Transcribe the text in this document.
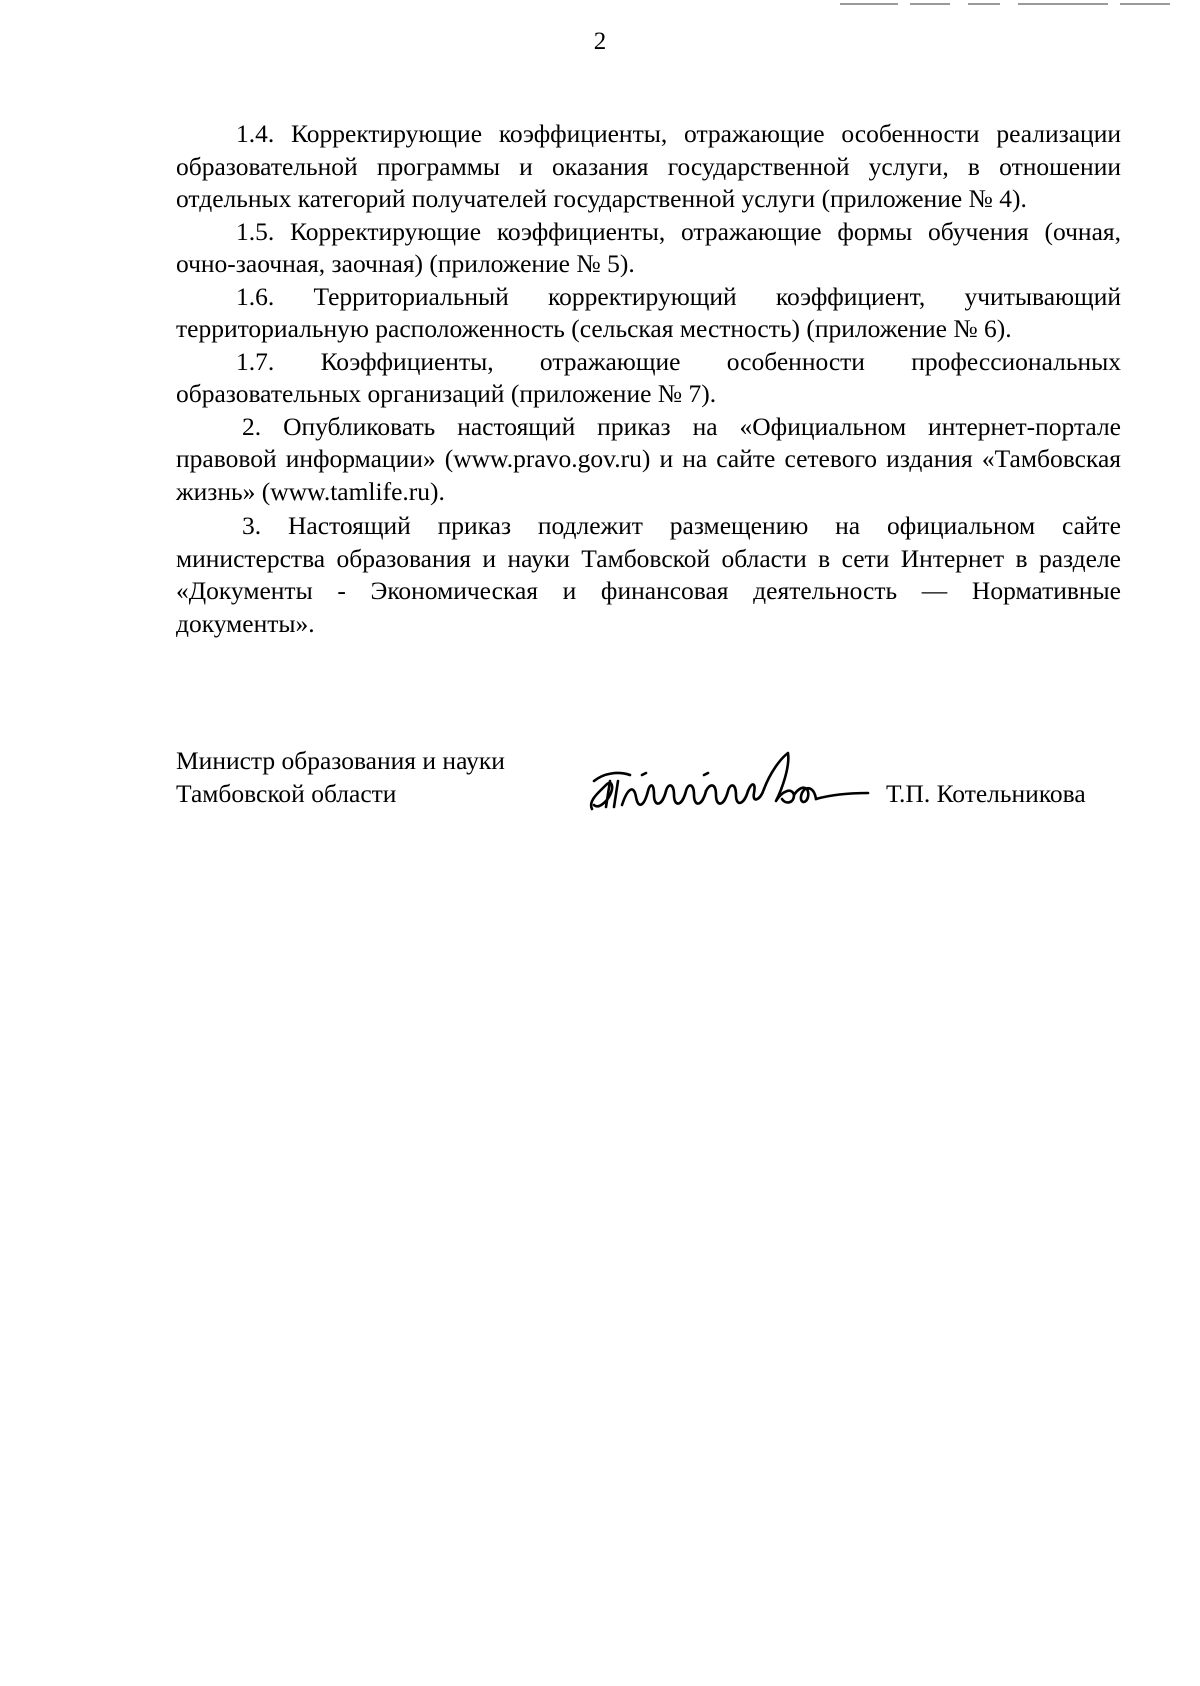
2

1.4. Корректирующие коэффициенты, отражающие особенности реализации образовательной программы и оказания государственной услуги, в отношении отдельных категорий получателей государственной услуги (приложение № 4).

1.5. Корректирующие коэффициенты, отражающие формы обучения (очная, очно-заочная, заочная) (приложение № 5).

1.6. Территориальный корректирующий коэффициент, учитывающий территориальную расположенность (сельская местность) (приложение № 6).

1.7. Коэффициенты, отражающие особенности профессиональных образовательных организаций (приложение № 7).

2. Опубликовать настоящий приказ на «Официальном интернет-портале правовой информации» (www.pravo.gov.ru) и на сайте сетевого издания «Тамбовская жизнь» (www.tamlife.ru).

3. Настоящий приказ подлежит размещению на официальном сайте министерства образования и науки Тамбовской области в сети Интернет в разделе «Документы - Экономическая и финансовая деятельность — Нормативные документы».

Министр образования и науки
Тамбовской области	Т.П. Котельникова
